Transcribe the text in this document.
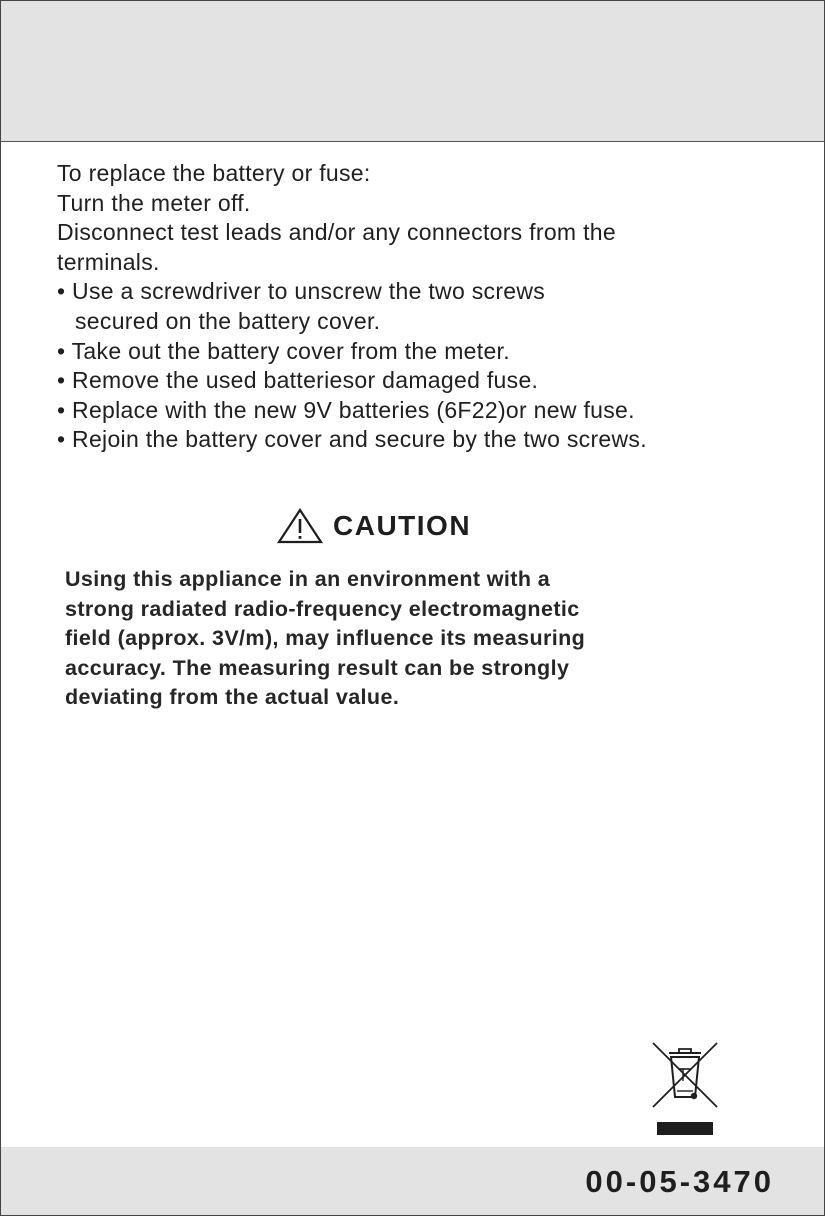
To replace the battery or fuse:
Turn the meter off.
Disconnect test leads and/or any connectors from the
terminals.
• Use a screwdriver to unscrew the two screws
secured on the battery cover.
• Take out the battery cover from the meter.
• Remove the used batteriesor damaged fuse.
• Replace with the new 9V batteries (6F22)or new fuse.
• Rejoin the battery cover and secure by the two screws.
CAUTION
Using this appliance in an environment with a
strong radiated radio-frequency electromagnetic
field (approx. 3V/m), may influence its measuring
accuracy. The measuring result can be strongly
deviating from the actual value.
00-05-3470
